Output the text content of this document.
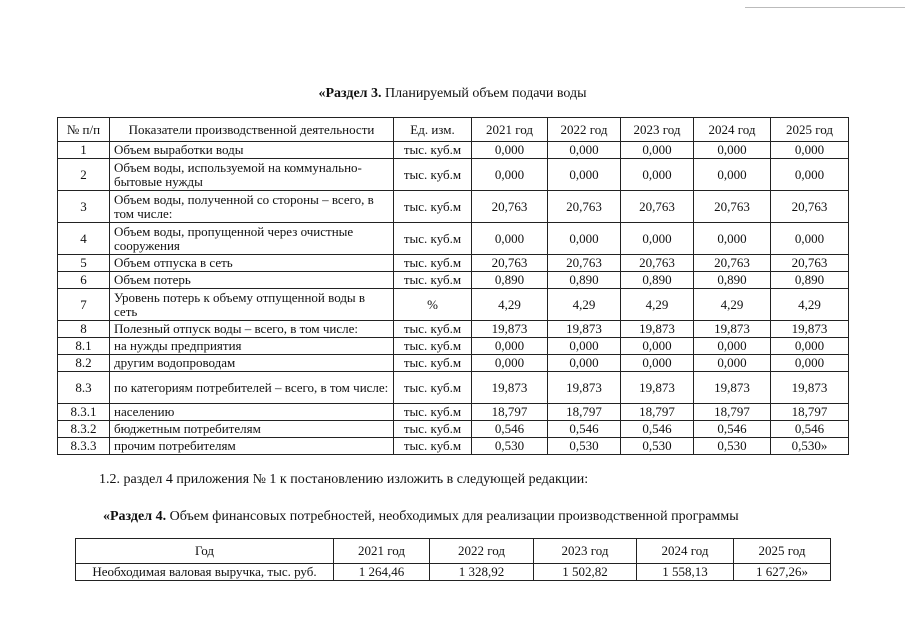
«Раздел 3. Планируемый объем подачи воды
№ п/п	Показатели производственной деятельности	Ед. изм.	2021 год	2022 год	2023 год	2024 год	2025 год
1	Объем выработки воды	тыс. куб.м	0,000	0,000	0,000	0,000	0,000
2	Объем воды, используемой на коммунально-бытовые нужды	тыс. куб.м	0,000	0,000	0,000	0,000	0,000
3	Объем воды, полученной со стороны – всего, в том числе:	тыс. куб.м	20,763	20,763	20,763	20,763	20,763
4	Объем воды, пропущенной через очистные сооружения	тыс. куб.м	0,000	0,000	0,000	0,000	0,000
5	Объем отпуска в сеть	тыс. куб.м	20,763	20,763	20,763	20,763	20,763
6	Объем потерь	тыс. куб.м	0,890	0,890	0,890	0,890	0,890
7	Уровень потерь к объему отпущенной воды в сеть	%	4,29	4,29	4,29	4,29	4,29
8	Полезный отпуск воды – всего, в том числе:	тыс. куб.м	19,873	19,873	19,873	19,873	19,873
8.1	на нужды предприятия	тыс. куб.м	0,000	0,000	0,000	0,000	0,000
8.2	другим водопроводам	тыс. куб.м	0,000	0,000	0,000	0,000	0,000
8.3	по категориям потребителей – всего, в том числе:	тыс. куб.м	19,873	19,873	19,873	19,873	19,873
8.3.1	населению	тыс. куб.м	18,797	18,797	18,797	18,797	18,797
8.3.2	бюджетным потребителям	тыс. куб.м	0,546	0,546	0,546	0,546	0,546
8.3.3	прочим потребителям	тыс. куб.м	0,530	0,530	0,530	0,530	0,530»
1.2. раздел 4 приложения № 1 к постановлению изложить в следующей редакции:
«Раздел 4. Объем финансовых потребностей, необходимых для реализации производственной программы
Год	2021 год	2022 год	2023 год	2024 год	2025 год
Необходимая валовая выручка, тыс. руб.	1 264,46	1 328,92	1 502,82	1 558,13	1 627,26»
